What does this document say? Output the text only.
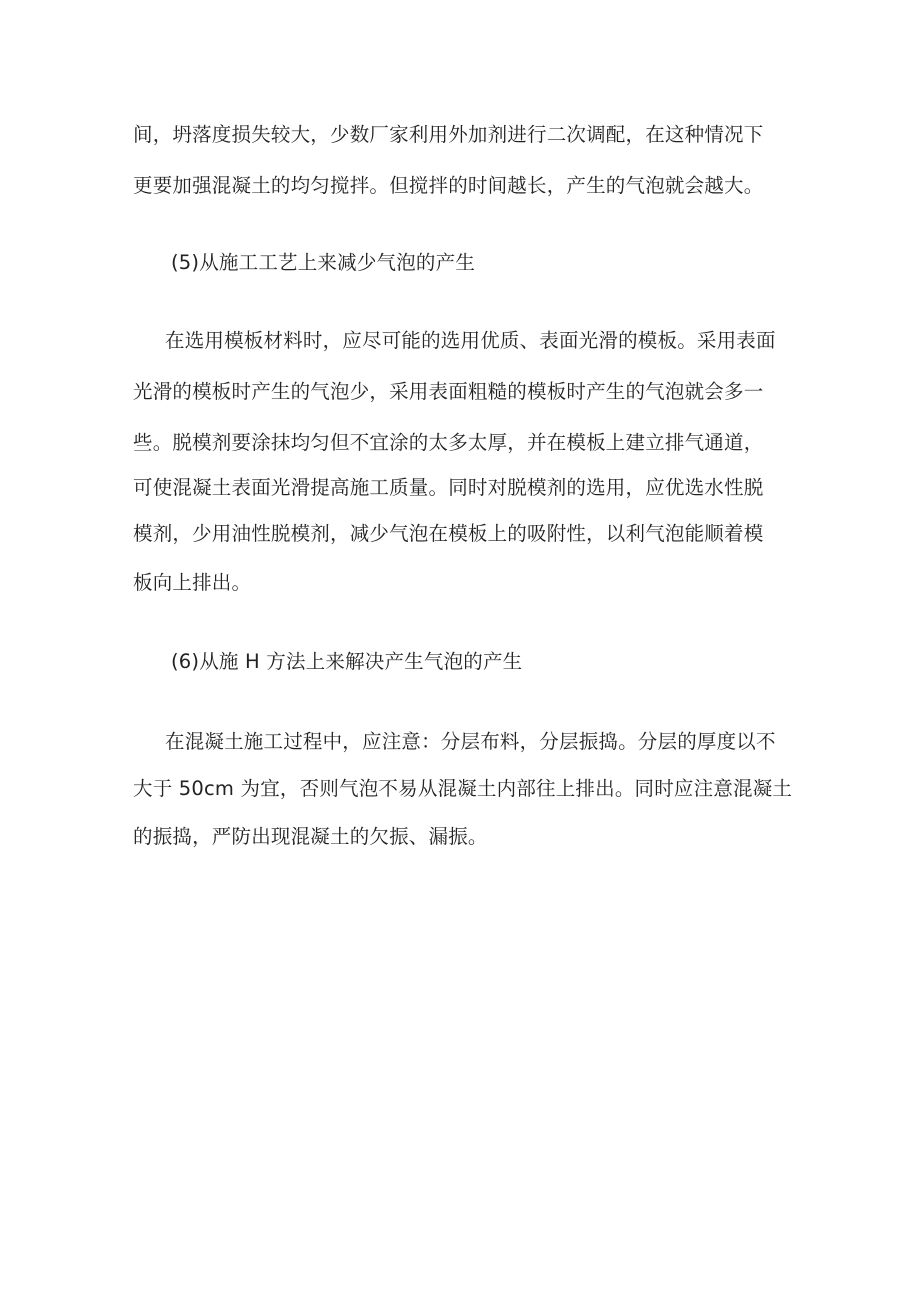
间，坍落度损失较大，少数厂家利用外加剂进行二次调配，在这种情况下
更要加强混凝土的均匀搅拌。但搅拌的时间越长，产生的气泡就会越大。
(5)从施工工艺上来减少气泡的产生
在选用模板材料时，应尽可能的选用优质、表面光滑的模板。采用表面
光滑的模板时产生的气泡少，采用表面粗糙的模板时产生的气泡就会多一
些。脱模剂要涂抹均匀但不宜涂的太多太厚，并在模板上建立排气通道，
可使混凝土表面光滑提高施工质量。同时对脱模剂的选用，应优选水性脱
模剂，少用油性脱模剂，减少气泡在模板上的吸附性，以利气泡能顺着模
板向上排出。
(6)从施 H 方法上来解决产生气泡的产生
在混凝土施工过程中，应注意：分层布料，分层振捣。分层的厚度以不
大于 50cm 为宜，否则气泡不易从混凝土内部往上排出。同时应注意混凝土
的振捣，严防出现混凝土的欠振、漏振。
